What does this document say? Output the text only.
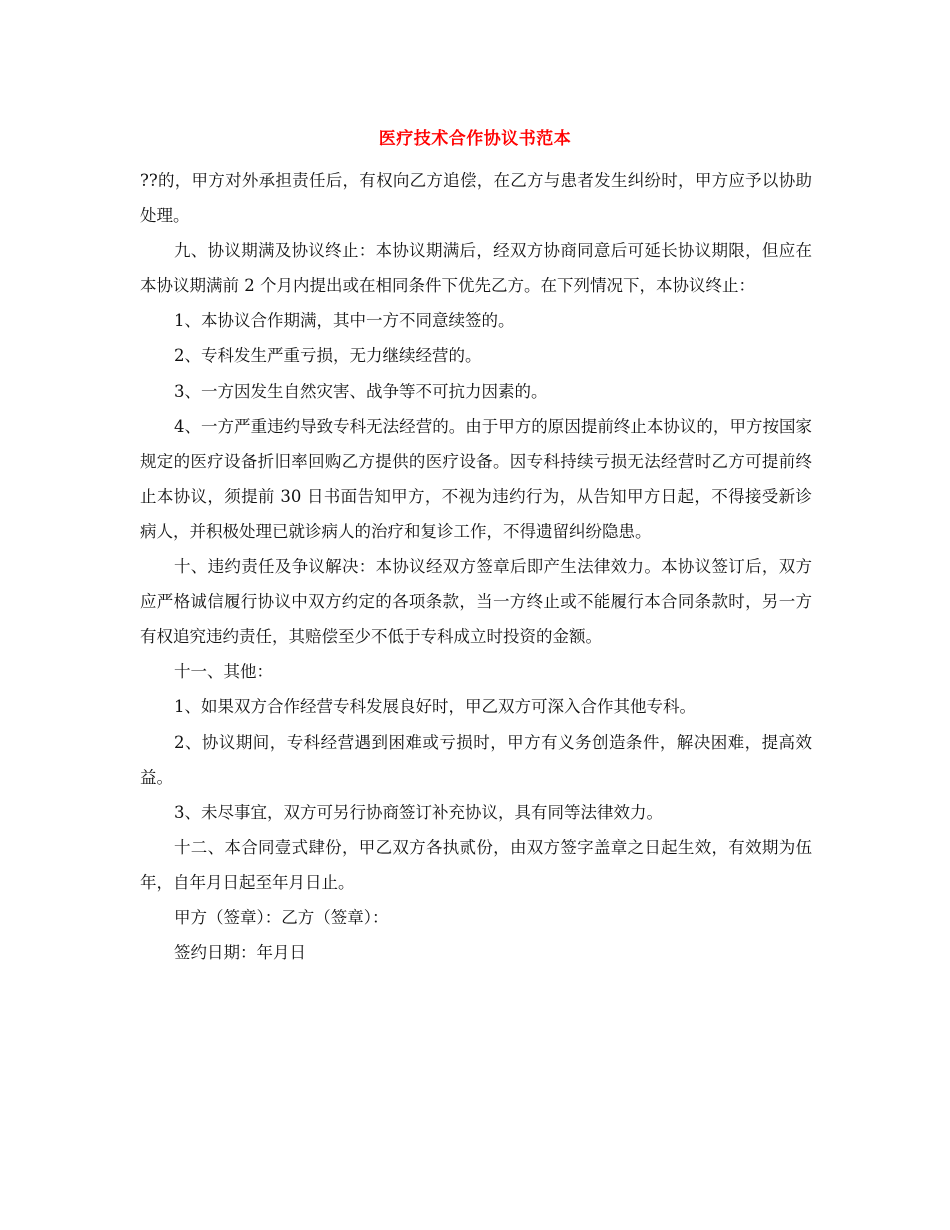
医疗技术合作协议书范本

??的，甲方对外承担责任后，有权向乙方追偿，在乙方与患者发生纠纷时，甲方应予以协助处理。

九、协议期满及协议终止：本协议期满后，经双方协商同意后可延长协议期限，但应在本协议期满前 2 个月内提出或在相同条件下优先乙方。在下列情况下，本协议终止：

1、本协议合作期满，其中一方不同意续签的。

2、专科发生严重亏损，无力继续经营的。

3、一方因发生自然灾害、战争等不可抗力因素的。

4、一方严重违约导致专科无法经营的。由于甲方的原因提前终止本协议的，甲方按国家规定的医疗设备折旧率回购乙方提供的医疗设备。因专科持续亏损无法经营时乙方可提前终止本协议，须提前 30 日书面告知甲方，不视为违约行为，从告知甲方日起，不得接受新诊病人，并积极处理已就诊病人的治疗和复诊工作，不得遗留纠纷隐患。

十、违约责任及争议解决：本协议经双方签章后即产生法律效力。本协议签订后，双方应严格诚信履行协议中双方约定的各项条款，当一方终止或不能履行本合同条款时，另一方有权追究违约责任，其赔偿至少不低于专科成立时投资的金额。

十一、其他：

1、如果双方合作经营专科发展良好时，甲乙双方可深入合作其他专科。

2、协议期间，专科经营遇到困难或亏损时，甲方有义务创造条件，解决困难，提高效益。

3、未尽事宜，双方可另行协商签订补充协议，具有同等法律效力。

十二、本合同壹式肆份，甲乙双方各执贰份，由双方签字盖章之日起生效，有效期为伍年，自年月日起至年月日止。

甲方（签章）：乙方（签章）：

签约日期：年月日
